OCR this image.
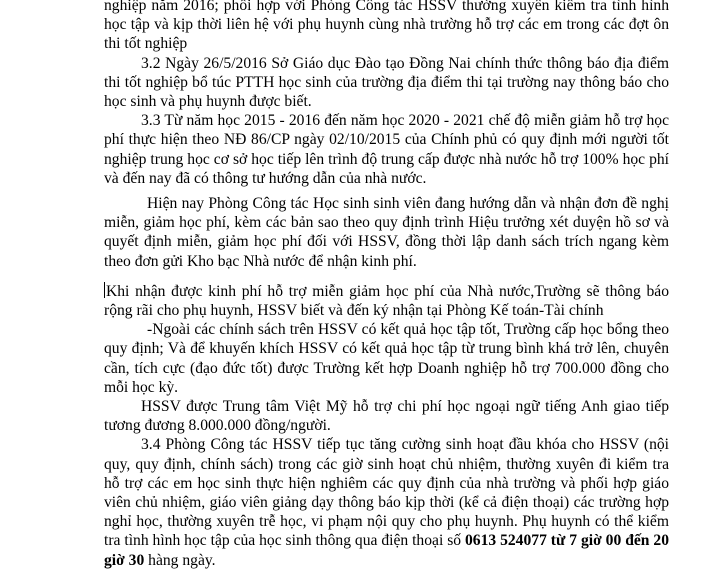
nghiệp năm 2016; phối hợp với Phòng Công tác HSSV thường xuyên kiểm tra tình hình học tập và kịp thời liên hệ với phụ huynh cùng nhà trường hỗ trợ các em trong các đợt ôn thi tốt nghiệp

3.2 Ngày 26/5/2016 Sở Giáo dục Đào tạo Đồng Nai chính thức thông báo địa điểm thi tốt nghiệp bổ túc PTTH học sinh của trường địa điểm thi tại trường nay thông báo cho học sinh và phụ huynh được biết.

3.3 Từ năm học 2015 - 2016 đến năm học 2020 - 2021 chế độ miễn giảm hỗ trợ học phí thực hiện theo NĐ 86/CP ngày 02/10/2015 của Chính phủ có quy định mới người tốt nghiệp trung học cơ sở học tiếp lên trình độ trung cấp được nhà nước hỗ trợ 100% học phí và đến nay đã có thông tư hướng dẫn của nhà nước.

Hiện nay Phòng Công tác Học sinh sinh viên đang hướng dẫn và nhận đơn đề nghị miễn, giảm học phí, kèm các bản sao theo quy định trình Hiệu trưởng xét duyện hồ sơ và quyết định miễn, giảm học phí đối với HSSV, đồng thời lập danh sách trích ngang kèm theo đơn gửi Kho bạc Nhà nước để nhận kinh phí.

Khi nhận được kinh phí hỗ trợ miễn giảm học phí của Nhà nước,Trường sẽ thông báo rộng rãi cho phụ huynh, HSSV biết và đến ký nhận tại Phòng Kế toán-Tài chính

-Ngoài các chính sách trên HSSV có kết quả học tập tốt, Trường cấp học bổng theo quy định; Và để khuyến khích HSSV có kết quả học tập từ trung bình khá trở lên, chuyên cần, tích cực (đạo đức tốt) được Trường kết hợp Doanh nghiệp hỗ trợ 700.000 đồng cho mỗi học kỳ.

HSSV được Trung tâm Việt Mỹ hỗ trợ chi phí học ngoại ngữ tiếng Anh giao tiếp tương đương 8.000.000 đồng/người.

3.4 Phòng Công tác HSSV tiếp tục tăng cường sinh hoạt đầu khóa cho HSSV (nội quy, quy định, chính sách) trong các giờ sinh hoạt chủ nhiệm, thường xuyên đi kiểm tra hỗ trợ các em học sinh thực hiện nghiêm các quy định của nhà trường và phối hợp giáo viên chủ nhiệm, giáo viên giảng dạy thông báo kịp thời (kể cả điện thoại) các trường hợp nghỉ học, thường xuyên trễ học, vi phạm nội quy cho phụ huynh. Phụ huynh có thể kiểm tra tình hình học tập của học sinh thông qua điện thoại số 0613 524077 từ 7 giờ 00 đến 20 giờ 30 hàng ngày.
